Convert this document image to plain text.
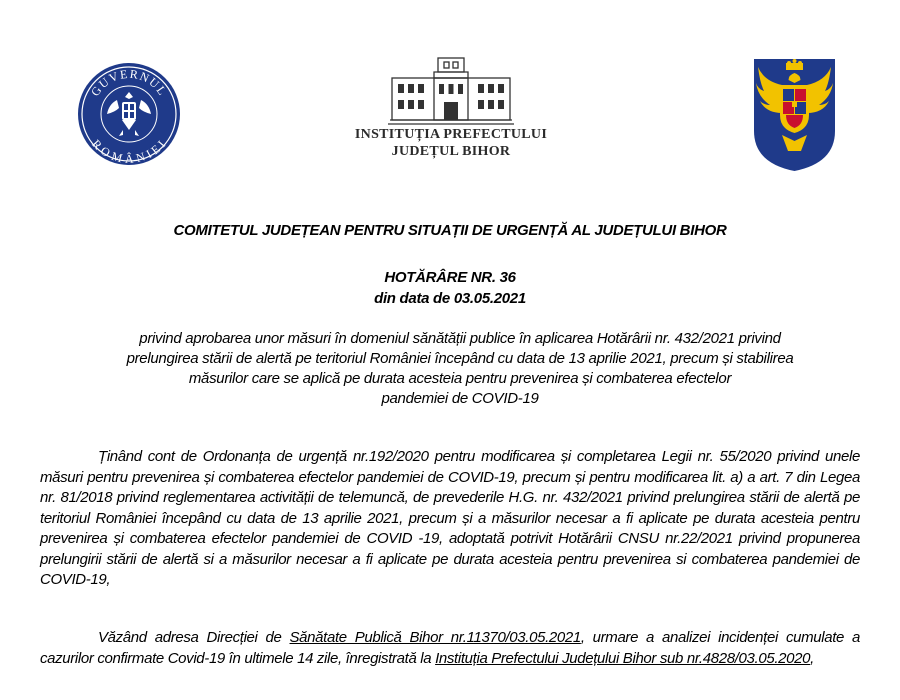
GUVERNUL
ROMÂNIEI
INSTITUȚIA PREFECTULUI
JUDEȚUL BIHOR
COMITETUL JUDEȚEAN PENTRU SITUAȚII DE URGENȚĂ AL JUDEȚULUI BIHOR
HOTĂRÂRE NR. 36
din data de 03.05.2021
privind aprobarea unor măsuri în domeniul sănătății publice în aplicarea Hotărârii nr. 432/2021 privind
prelungirea stării de alertă pe teritoriul României începând cu data de 13 aprilie 2021, precum și stabilirea
măsurilor care se aplică pe durata acesteia pentru prevenirea și combaterea efectelor
pandemiei de COVID-19
Ținând cont de Ordonanța de urgență nr.192/2020 pentru modificarea și completarea Legii nr. 55/2020 privind unele măsuri pentru prevenirea și combaterea efectelor pandemiei de COVID-19, precum și pentru modificarea lit. a) a art. 7 din Legea nr. 81/2018 privind reglementarea activității de telemuncă, de prevederile H.G. nr. 432/2021 privind prelungirea stării de alertă pe teritoriul României începând cu data de 13 aprilie 2021, precum și a măsurilor necesar a fi aplicate pe durata acesteia pentru prevenirea și combaterea efectelor pandemiei de COVID -19, adoptată potrivit Hotărârii CNSU nr.22/2021 privind propunerea prelungirii stării de alertă si a măsurilor necesar a fi aplicate pe durata acesteia pentru prevenirea si combaterea pandemiei de COVID-19,
Văzând adresa Direcției de Sănătate Publică Bihor nr.11370/03.05.2021, urmare a analizei incidenței cumulate a cazurilor confirmate Covid-19 în ultimele 14 zile, înregistrată la Instituția Prefectului Județului Bihor sub nr.4828/03.05.2020,
